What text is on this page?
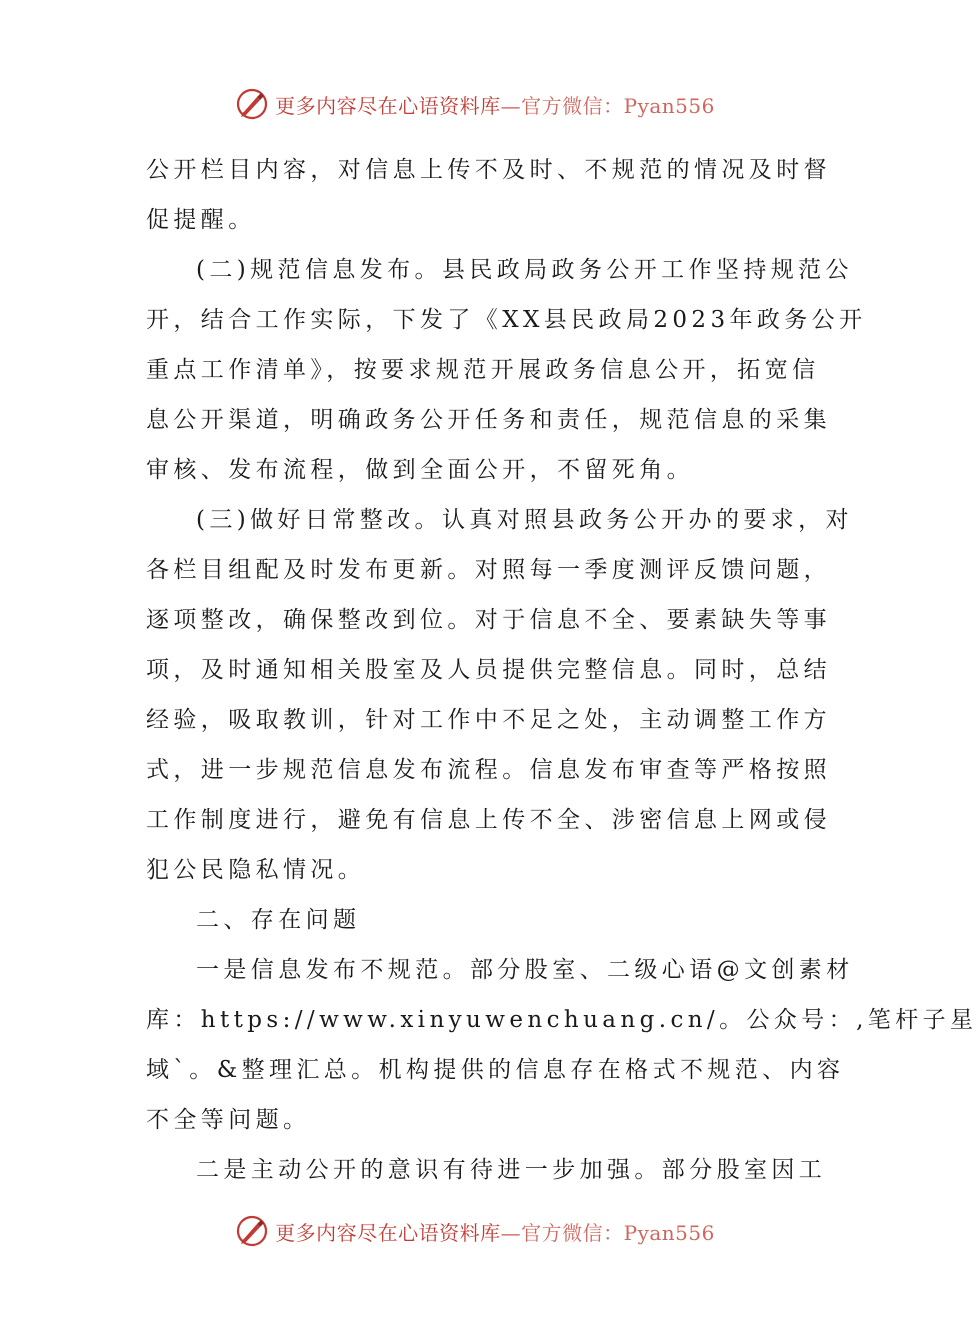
更多内容尽在心语资料库—官方微信：Pyan556
公开栏目内容，对信息上传不及时、不规范的情况及时督
促提醒。
(二)规范信息发布。县民政局政务公开工作坚持规范公
开，结合工作实际，下发了《XX县民政局2023年政务公开
重点工作清单》，按要求规范开展政务信息公开，拓宽信
息公开渠道，明确政务公开任务和责任，规范信息的采集
审核、发布流程，做到全面公开，不留死角。
(三)做好日常整改。认真对照县政务公开办的要求，对
各栏目组配及时发布更新。对照每一季度测评反馈问题，
逐项整改，确保整改到位。对于信息不全、要素缺失等事
项，及时通知相关股室及人员提供完整信息。同时，总结
经验，吸取教训，针对工作中不足之处，主动调整工作方
式，进一步规范信息发布流程。信息发布审查等严格按照
工作制度进行，避免有信息上传不全、涉密信息上网或侵
犯公民隐私情况。
二、存在问题
一是信息发布不规范。部分股室、二级心语@文创素材
库：https://www.xinyuwenchuang.cn/。公众号：,笔杆子星
域`。&整理汇总。机构提供的信息存在格式不规范、内容
不全等问题。
二是主动公开的意识有待进一步加强。部分股室因工
更多内容尽在心语资料库—官方微信：Pyan556
